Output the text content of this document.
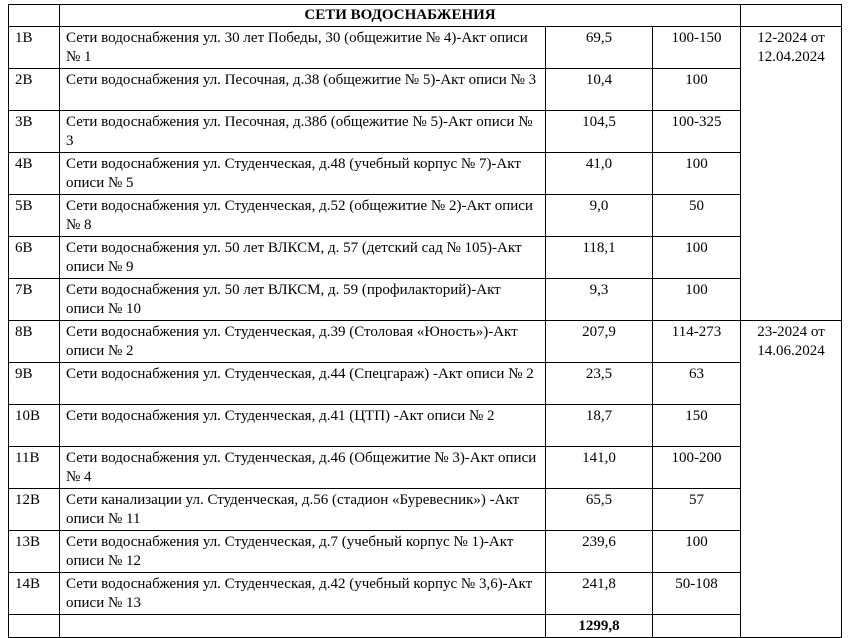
	СЕТИ ВОДОСНАБЖЕНИЯ			
1В	Сети водоснабжения ул. 30 лет Победы, 30 (общежитие № 4)-Акт описи № 1	69,5	100-150	12-2024 от 12.04.2024
2В	Сети водоснабжения ул. Песочная, д.38 (общежитие № 5)-Акт описи № 3	10,4	100	
3В	Сети водоснабжения ул. Песочная, д.38б (общежитие № 5)-Акт описи № 3	104,5	100-325	
4В	Сети водоснабжения ул. Студенческая, д.48 (учебный корпус № 7)-Акт описи № 5	41,0	100	
5В	Сети водоснабжения ул. Студенческая, д.52 (общежитие № 2)-Акт описи № 8	9,0	50	
6В	Сети водоснабжения ул. 50 лет ВЛКСМ, д. 57 (детский сад № 105)-Акт описи № 9	118,1	100	
7В	Сети водоснабжения ул. 50 лет ВЛКСМ, д. 59 (профилакторий)-Акт описи № 10	9,3	100	
8В	Сети водоснабжения ул. Студенческая, д.39 (Столовая «Юность»)-Акт описи № 2	207,9	114-273	23-2024 от 14.06.2024
9В	Сети водоснабжения ул. Студенческая, д.44 (Спецгараж) -Акт описи № 2	23,5	63	
10В	Сети водоснабжения ул. Студенческая, д.41 (ЦТП) -Акт описи № 2	18,7	150	
11В	Сети водоснабжения ул. Студенческая, д.46 (Общежитие № 3)-Акт описи № 4	141,0	100-200	
12В	Сети канализации ул. Студенческая, д.56 (стадион «Буревесник») -Акт описи № 11	65,5	57	
13В	Сети водоснабжения ул. Студенческая, д.7 (учебный корпус № 1)-Акт описи № 12	239,6	100	
14В	Сети водоснабжения ул. Студенческая, д.42 (учебный корпус № 3,6)-Акт описи № 13	241,8	50-108	
		1299,8		
